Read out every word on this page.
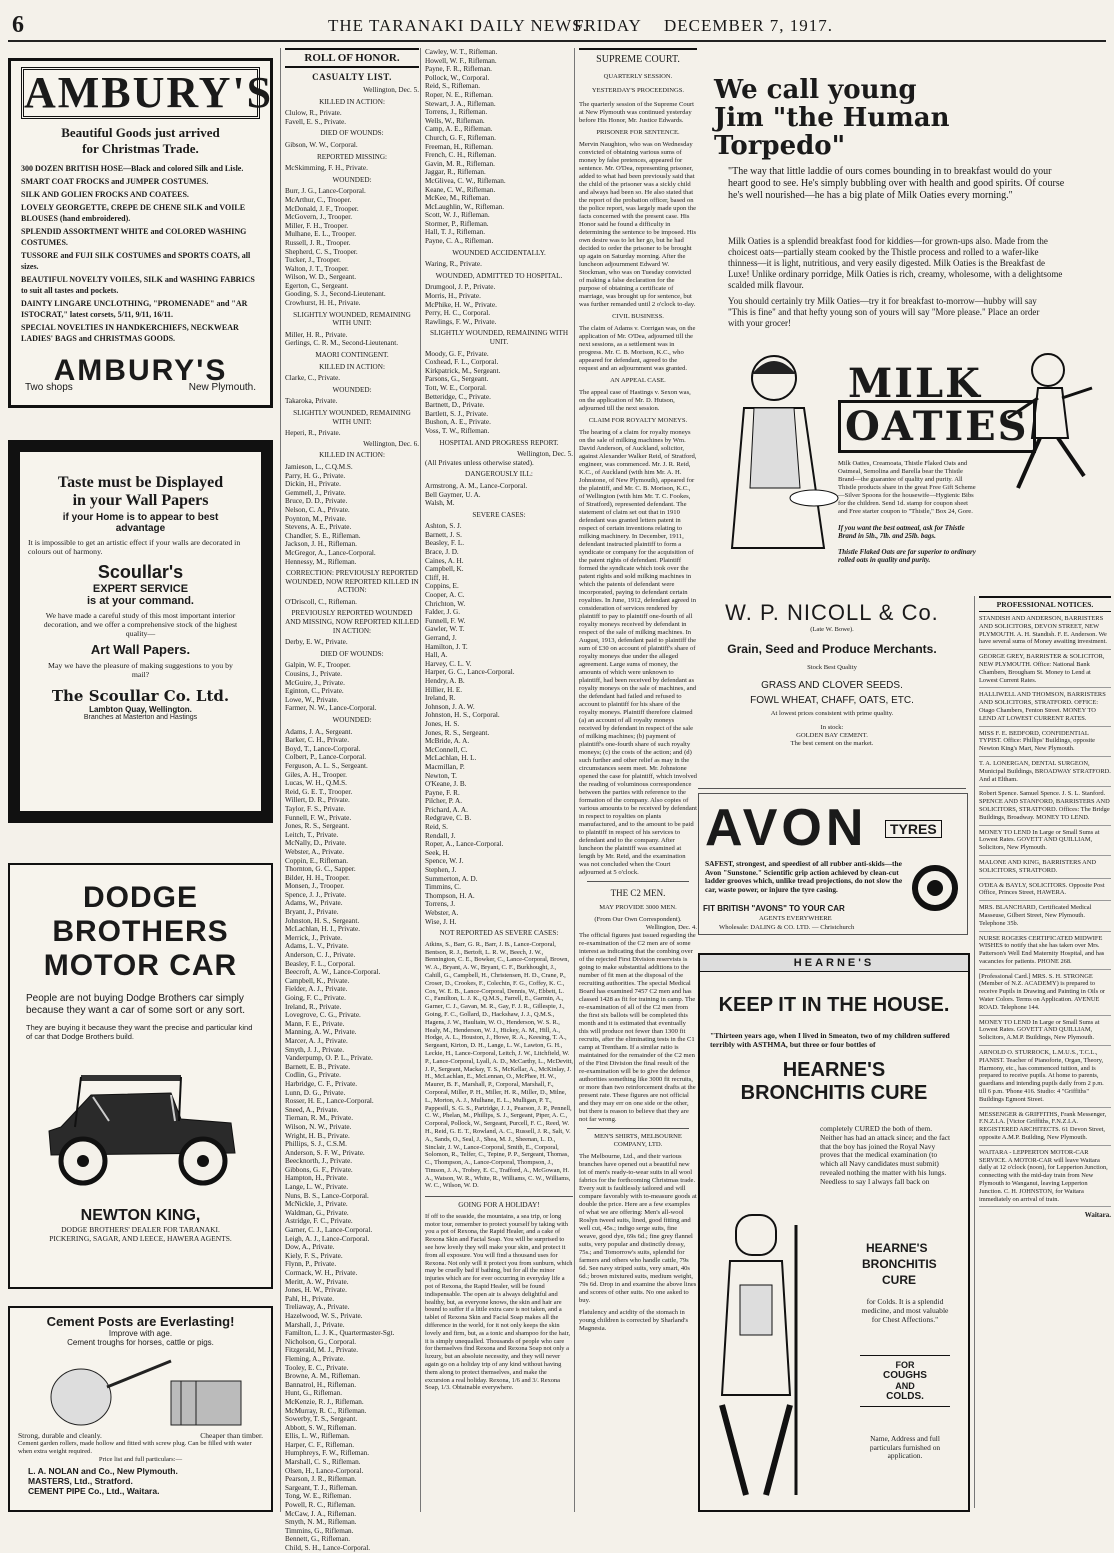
6	THE TARANAKI DAILY NEWS.
FRIDAY DECEMBER 7, 1917.
AMBURY'S
Beautiful Goods just arrived
for Christmas Trade.
300 DOZEN BRITISH HOSE—Black and colored Silk and Lisle.
SMART COAT FROCKS and JUMPER COSTUMES.
SILK AND GOLIEN FROCKS AND COATEES.
LOVELY GEORGETTE, CREPE DE CHENE SILK and VOILE BLOUSES (hand embroidered).
SPLENDID ASSORTMENT WHITE and COLORED WASHING COSTUMES.
TUSSORE and FUJI SILK COSTUMES and SPORTS COATS, all sizes.
BEAUTIFUL NOVELTY VOILES, SILK and WASHING FABRICS to suit all tastes and pockets.
DAINTY LINGARE UNCLOTHING, "PROMENADE" and "AR ISTOCRAT," latest corsets, 5/11, 9/11, 16/11.
SPECIAL NOVELTIES IN HANDKERCHIEFS, NECKWEAR LADIES' BAGS and CHRISTMAS GOODS.
AMBURY'S
Two shops	New Plymouth.
Taste must be Displayed
in your Wall Papers
if your Home is to appear to best advantage
It is impossible to get an artistic effect if your walls are decorated in colours out of harmony.
Scoullar's
EXPERT SERVICE
is at your command.
We have made a careful study of this most important interior decoration, and we offer a comprehensive stock of the highest quality—
Art Wall Papers.
May we have the pleasure of making suggestions to you by mail?
The Scoullar Co. Ltd.
Lambton Quay, Wellington.
Branches at Masterton and Hastings
DODGE BROTHERS
MOTOR CAR
People are not buying Dodge Brothers car simply because they want a car of some sort or any sort.
They are buying it because they want the precise and particular kind of car that Dodge Brothers build.
NEWTON KING,
DODGE BROTHERS' DEALER FOR TARANAKI.
PICKERING, SAGAR, AND LEECE, HAWERA AGENTS.
Cement Posts are Everlasting!
Improve with age.
Cement troughs for horses, cattle or pigs.
Strong, durable and cleanly.	Cheaper than timber.
Cement garden rollers, made hollow and fitted with screw plug. Can be filled with water when extra weight required.
Price list and full particulars:—
L. A. NOLAN and Co., New Plymouth.
MASTERS, Ltd., Stratford.
CEMENT PIPE Co., Ltd., Waitara.
ROLL OF HONOR.
CASUALTY LIST.
Wellington, Dec. 5.
KILLED IN ACTION:
Clulow, R., Private.
Favell, E. S., Private.
DIED OF WOUNDS:
Gibson, W. W., Corporal.
REPORTED MISSING:
McSkimming, F. H., Private.
WOUNDED:
Burr, J. G., Lance-Corporal.
McArthur, C., Trooper.
McDonald, J. F., Trooper.
McGovern, J., Trooper.
Miller, F. H., Trooper.
Mulhane, E. L., Trooper.
Russell, J. R., Trooper.
Shepherd, C. S., Trooper.
Tucker, J., Trooper.
Walton, J. T., Trooper.
Wilson, W. D., Sergeant.
Egerton, C., Sergeant.
Gooding, S. J., Second-Lieutenant.
Crowhurst, H. H., Private.
SLIGHTLY WOUNDED, REMAINING WITH UNIT:
Miller, H. R., Private.
Gerlings, C. R. M., Second-Lieutenant.
MAORI CONTINGENT.
KILLED IN ACTION:
Clarke, C., Private.
WOUNDED:
Takaroka, Private.
SLIGHTLY WOUNDED, REMAINING WITH UNIT:
Heperi, R., Private.
Wellington, Dec. 6.
KILLED IN ACTION:
Jamieson, L., C.Q.M.S.
Parry, H. G., Private.
Dickin, H., Private.
Gemmell, J., Private.
Bruce, D. D., Private.
Nelson, C. A., Private.
Poynton, M., Private.
Stevens, A. E., Private.
Chandler, S. E., Rifleman.
Jackson, J. H., Rifleman.
McGregor, A., Lance-Corporal.
Hennessy, M., Rifleman.
CORRECTION: PREVIOUSLY REPORTED WOUNDED, NOW REPORTED KILLED IN ACTION:
O'Driscoll, C., Rifleman.
PREVIOUSLY REPORTED WOUNDED AND MISSING, NOW REPORTED KILLED IN ACTION:
Derby, E. W., Private.
DIED OF WOUNDS:
Galpin, W. F., Trooper.
Cousins, J., Private.
McGuire, J., Private.
Eginton, C., Private.
Lowe, W., Private.
Farmer, N. W., Lance-Corporal.
WOUNDED:
Adams, J. A., Sergeant.
Barker, C. H., Private.
Boyd, T., Lance-Corporal.
Colbert, P., Lance-Corporal.
Ferguson, A. L. S., Sergeant.
Giles, A. H., Trooper.
Lucas, W. H., Q.M.S.
Reid, G. E. T., Trooper.
Willert, D. R., Private.
Taylor, F. S., Private.
Funnell, F. W., Private.
Jones, R. S., Sergeant.
Leitch, T., Private.
McNally, D., Private.
Webster, A., Private.
Coppin, E., Rifleman.
Thornton, G. C., Sapper.
Bilder, H. H., Trooper.
Monsen, J., Trooper.
Spence, J. J., Private.
Adams, W., Private.
Bryant, J., Private.
Johnston, H. S., Sergeant.
McLachlan, H. I., Private.
Merrick, J., Private.
Adams, L. V., Private.
Anderson, C. J., Private.
Beasley, F. L., Corporal.
Beecroft, A. W., Lance-Corporal.
Campbell, K., Private.
Fielder, A. J., Private.
Going, F. C., Private.
Ireland, R., Private.
Lovegrove, C. G., Private.
Mann, F. E., Private.
Manning, A. W., Private.
Marcer, A. J., Private.
Smyth, J. J., Private.
Vanderpump, O. P. L., Private.
Barnett, E. B., Private.
Codlin, G., Private.
Harbridge, C. F., Private.
Lunn, D. G., Private.
Rosser, H. E., Lance-Corporal.
Sneed, A., Private.
Tiernan, R. M., Private.
Wilson, N. W., Private.
Wright, H. B., Private.
Phillips, S. J., C.S.M.
Anderson, S. F. W., Private.
Beecknorth, J., Private.
Gibbons, G. F., Private.
Hampton, H., Private.
Lange, L. W., Private.
Nuns, B. S., Lance-Corporal.
McNickle, J., Private.
Waldman, G., Private.
Astridge, F. C., Private.
Garner, C. J., Lance-Corporal.
Leigh, A. J., Lance-Corporal.
Dow, A., Private.
Kiely, F. S., Private.
Flynn, P., Private.
Cormack, W. H., Private.
Meritt, A. W., Private.
Jones, H. W., Private.
Pahl, H., Private.
Treliaway, A., Private.
Hazelwood, W. S., Private.
Marshall, J., Private.
Familton, L. J. K., Quartermaster-Sgt.
Nicholson, G., Corporal.
Fitzgerald, M. J., Private.
Fleming, A., Private.
Tooley, E. C., Private.
Browne, A. M., Rifleman.
Bannatrol, H., Rifleman.
Hunt, G., Rifleman.
McKenzie, R. J., Rifleman.
McMurray, R. C., Rifleman.
Sowerby, T. S., Sergeant.
Abbott, S. W., Rifleman.
Ellis, L. W., Rifleman.
Harper, C. F., Rifleman.
Humphreys, F. W., Rifleman.
Marshall, C. S., Rifleman.
Olsen, H., Lance-Corporal.
Pearson, J. R., Rifleman.
Sargeant, T. J., Rifleman.
Tong, W. E., Rifleman.
Powell, R. C., Rifleman.
McCaw, J. A., Rifleman.
Smyth, N. M., Rifleman.
Timmins, G., Rifleman.
Bennett, G., Rifleman.
Child, S. H., Lance-Corporal.
Cawley, W. T., Rifleman.
Howell, W. F., Rifleman.
Payne, F. R., Rifleman.
Pollock, W., Corporal.
Reid, S., Rifleman.
Roper, N. E., Rifleman.
Stewart, J. A., Rifleman.
Torrens, J., Rifleman.
Wells, W., Rifleman.
Camp, A. E., Rifleman.
Church, G. F., Rifleman.
Freeman, H., Rifleman.
French, C. H., Rifleman.
Gavin, M. R., Rifleman.
Jaggar, R., Rifleman.
McGlivea, C. W., Rifleman.
Keane, C. W., Rifleman.
McKee, M., Rifleman.
McLaughlin, W., Rifleman.
Scott, W. J., Rifleman.
Stormer, P., Rifleman.
Hall, T. J., Rifleman.
Payne, C. A., Rifleman.
WOUNDED ACCIDENTALLY.
Waring, R., Private.
WOUNDED, ADMITTED TO HOSPITAL.
Drumgool, J. P., Private.
Morris, H., Private.
McPhike, H. W., Private.
Perry, H. C., Corporal.
Rawlings, F. W., Private.
SLIGHTLY WOUNDED, REMAINING WITH UNIT.
Moody, G. F., Private.
Coxhead, F. L., Corporal.
Kirkpatrick, M., Sergeant.
Parsons, G., Sergeant.
Tott, W. E., Corporal.
Betteridge, C., Private.
Bartnett, D., Private.
Bartlett, S. J., Private.
Bushon, A. E., Private.
Voss, T. W., Rifleman.
HOSPITAL AND PROGRESS REPORT.
Wellington, Dec. 5.
(All Privates unless otherwise stated).
DANGEROUSLY ILL:
Armstrong, A. M., Lance-Corporal.
Bell Gaymer, U. A.
Walsh, M.
SEVERE CASES:
Ashton, S. J.
Barnett, J. S.
Beasley, F. L.
Brace, J. D.
Caines, A. H.
Campbell, K.
Cliff, H.
Coppins, E.
Cooper, A. C.
Chrichton, W.
Falder, J. G.
Funnell, F. W.
Gawler, W. T.
Gerrand, J.
Hamilton, J. T.
Hall, A.
Harvey, C. L. V.
Harper, G. C., Lance-Corporal.
Hendry, A. B.
Hillier, H. E.
Ireland, R.
Johnson, J. A. W.
Johnston, H. S., Corporal.
Jones, H. S.
Jones, R. S., Sergeant.
McBride, A. A.
McConnell, C.
McLachlan, H. L.
Macmillan, P.
Newton, T.
O'Keane, J. B.
Payne, F. R.
Pilcher, P. A.
Prichard, A. A.
Redgrave, C. B.
Reid, S.
Rendall, J.
Roper, A., Lance-Corporal.
Seek, H.
Spence, W. J.
Stephen, J.
Summerton, A. D.
Timmins, C.
Thompson, H. A.
Torrens, J.
Webster, A.
Wise, J. H.
NOT REPORTED AS SEVERE CASES:
Atkins, S., Barr, G. R., Barr, J. B., Lance-Corporal, Bentson, R. J., Bertoft, L. R. W., Beech, J. W., Bennington, C. E., Bowker, C., Lance-Corporal, Brown, W. A., Bryant, A. W., Bryant, C. F., Burkhought, J., Cahill, G., Campbell, H., Christensen, H. D., Crane, P., Croser, D., Crookes, F., Colechin, F. G., Coffey, K. C., Cox, W. E. B., Lance-Corporal, Dennis, W., Ebbett, L. C., Familton, L. J. K., Q.M.S., Farrell, E., Garmin, A., Garner, C. J., Gavan, M. R., Gay, F. J. R., Gillespie, J., Going, F. C., Gollard, D., Hackshaw, J. J., Q.M.S., Hagens, J. W., Haultain, W. O., Henderson, W. S. R., Healy, M., Henderson, W. J., Hickey, A. M., Hill, A., Hodge, A. L., Houston, J., Howe, R. A., Keesing, T. A., Sergeant, Kirton, D. H., Lange, L. W., Lawton, G. H., Leckie, H., Lance-Corporal, Leitch, J. W., Litchfield, W. P., Lance-Corporal, Lyall, A. D., McCarthy, L., McDevitt, J. P., Sergeant, Mackay, T. S., McKellar, A., McKinlay, J. H., McLachlan, E., McLennan, O., McPhee, H. W., Maurer, B. F., Marshall, P., Corporal, Marshall, F., Corporal, Miller, P. H., Miller, H. R., Miller, D., Milne, L., Morton, A. J., Mulhane, E. L., Mulligan, P. T., Pappesill, S. G. S., Partridge, J. J., Pearson, J. P., Pennell, C. W., Phelan, M., Phillips, S. J., Sergeant, Piper, A. C., Corporal, Pollock, W., Sergeant, Purcell, F. C., Reed, W. H., Reid, G. E. T., Rowland, A. C., Russell, J. R., Salt, V. A., Sands, O., Seal, J., Shea, M. J., Sheenan, L. D., Sinclair, J. W., Lance-Corporal, Smith, E., Corporal, Solomon, R., Telfer, C., Tepine, P. P., Sergeant, Thomas, C., Thompson, A., Lance-Corporal, Thompson, J., Timson, J. A., Trobey, E. C., Trafford, A., McGowan, H. A., Watson, W. R., White, R., Williams, C. W., Williams, W. C., Wilson, W. D.
GOING FOR A HOLIDAY!
If off to the seaside, the mountains, a sea trip, or long motor tour, remember to protect yourself by taking with you a pot of Rexona, the Rapid Healer, and a cake of Rexona Skin and Facial Soap. You will be surprised to see how lovely they will make your skin, and protect it from all exposure. You will find a thousand uses for Rexona. Not only will it protect you from sunburn, which may be cruelly bad if bathing, but for all the minor injuries which are for ever occurring in everyday life a pot of Rexona, the Rapid Healer, will be found indispensable. The open air is always delightful and healthy, but, as everyone knows, the skin and hair are bound to suffer if a little extra care is not taken, and a tablet of Rexona Skin and Facial Soap makes all the difference in the world, for it not only keeps the skin lovely and firm, but, as a tonic and shampoo for the hair, it is simply unequalled. Thousands of people who care for themselves find Rexona and Rexona Soap not only a luxury, but an absolute necessity, and they will never again go on a holiday trip of any kind without having them along to protect themselves, and make the excursion a real holiday. Rexona, 1/6 and 3/. Rexona Soap, 1/3. Obtainable everywhere.
SUPREME COURT.
QUARTERLY SESSION.
YESTERDAY'S PROCEEDINGS.
The quarterly session of the Supreme Court at New Plymouth was continued yesterday before His Honor, Mr. Justice Edwards.
PRISONER FOR SENTENCE.
Mervin Naughton, who was on Wednesday convicted of obtaining various sums of money by false pretences, appeared for sentence. Mr. O'Dea, representing prisoner, added to what had been previously said that the child of the prisoner was a sickly child and always had been so. He also stated that the report of the probation officer, based on the police report, was largely made upon the facts concerned with the present case. His Honor said he found a difficulty in determining the sentence to be imposed. His own desire was to let her go, but he had decided to order the prisoner to be brought up again on Saturday morning. After the luncheon adjournment Edward W. Stockman, who was on Tuesday convicted of making a false declaration for the purpose of obtaining a certificate of marriage, was brought up for sentence, but was further remanded until 2 o'clock to-day.
CIVIL BUSINESS.
The claim of Adams v. Corrigan was, on the application of Mr. O'Dea, adjourned till the next sessions, as a settlement was in progress. Mr. C. B. Morison, K.C., who appeared for defendant, agreed to the request and an adjournment was granted.
AN APPEAL CASE.
The appeal case of Hastings v. Sexon was, on the application of Mr. D. Hutson, adjourned till the next session.
CLAIM FOR ROYALTY MONEYS.
The hearing of a claim for royalty moneys on the sale of milking machines by Wm. David Anderson, of Auckland, solicitor, against Alexander Walker Reid, of Stratford, engineer, was commenced. Mr. J. R. Reid, K.C., of Auckland (with him Mr. A. H. Johnstone, of New Plymouth), appeared for the plaintiff, and Mr. C. B. Morison, K.C., of Wellington (with him Mr. T. C. Fookes, of Stratford), represented defendant. The statement of claim set out that in 1910 defendant was granted letters patent in respect of certain inventions relating to milking machinery. In December, 1911, defendant instructed plaintiff to form a syndicate or company for the acquisition of the patent rights of defendant. Plaintiff formed the syndicate which took over the patent rights and sold milking machines in which the patents of defendant were incorporated, paying to defendant certain royalties. In June, 1912, defendant agreed in consideration of services rendered by plaintiff to pay to plaintiff one-fourth of all royalty moneys received by defendant in respect of the sale of milking machines. In August, 1913, defendant paid to plaintiff the sum of £30 on account of plaintiff's share of royalty moneys due under the alleged agreement. Large sums of money, the amounts of which were unknown to plaintiff, had been received by defendant as royalty moneys on the sale of machines, and the defendant had failed and refused to account to plaintiff for his share of the royalty moneys. Plaintiff therefore claimed (a) an account of all royalty moneys received by defendant in respect of the sale of milking machines; (b) payment of plaintiff's one-fourth share of such royalty moneys; (c) the costs of the action; and (d) such further and other relief as may in the circumstances seem meet. Mr. Johnstone opened the case for plaintiff, which involved the reading of voluminous correspondence between the parties with reference to the formation of the company. Also copies of various amounts to be received by defendant in respect to royalties on plants manufactured, and to the amount to be paid to plaintiff in respect of his services to defendant and to the company. After luncheon the plaintiff was examined at length by Mr. Reid, and the examination was not concluded when the Court adjourned at 5 o'clock.
THE C2 MEN.
MAY PROVIDE 3000 MEN.
(From Our Own Correspondent).
Wellington, Dec. 4.
The official figures just issued regarding the re-examination of the C2 men are of some interest as indicating that the combing over of the rejected First Division reservists is going to make substantial additions to the number of fit men at the disposal of the recruiting authorities. The special Medical Board has examined 7457 C2 men and has classed 1428 as fit for training in camp. The re-examination of all of the C2 men from the first six ballots will be completed this month and it is estimated that eventually this will produce not fewer than 1300 fit recruits, after the eliminating tests in the C1 camp at Trentham. If a similar ratio is maintained for the remainder of the C2 men of the First Division the final result of the re-examination will be to give the defence authorities something like 3000 fit recruits, or more than two reinforcement drafts at the present rate. These figures are not official and they may err on one side or the other, but there is reason to believe that they are not far wrong.
MEN'S SHIRTS, MELBOURNE COMPANY, LTD.
The Melbourne, Ltd., and their various branches have opened out a beautiful new lot of men's ready-to-wear suits in all wool fabrics for the forthcoming Christmas trade. Every suit is faultlessly tailored and will compare favorably with to-measure goods at double the price. Here are a few examples of what we are offering: Men's all-wool Roslyn tweed suits, lined, good fitting and well cut, 45s.; indigo serge suits, fine weave, good dye, 69s 6d.; fine grey flannel suits, very popular and distinctly dressy, 75s.; and Tomorrow's suits, splendid for farmers and others who handle cattle, 79s 6d. See navy striped suits, very smart, 40s 6d.; brown mixtured suits, medium weight, 79s 6d. Drop in and examine the above lines and scores of other suits. No one asked to buy.
Flatulency and acidity of the stomach in young children is corrected by Sharland's Magnesia.
We call young
Jim "the Human
Torpedo"
"The way that little laddie of ours comes bounding in to breakfast would do your heart good to see. He's simply bubbling over with health and good spirits. Of course he's well nourished—he has a big plate of Milk Oaties every morning."
Milk Oaties is a splendid breakfast food for kiddies—for grown-ups also. Made from the choicest oats—partially steam cooked by the Thistle process and rolled to a wafer-like thinness—it is light, nutritious, and very easily digested. Milk Oaties is the Breakfast de Luxe! Unlike ordinary porridge, Milk Oaties is rich, creamy, wholesome, with a delightsome scalded milk flavour.
You should certainly try Milk Oaties—try it for breakfast to-morrow—hubby will say "This is fine" and that hefty young son of yours will say "More please." Place an order with your grocer!
MILK
OATIES
Milk Oaties, Creamoata, Thistle Flaked Oats and Oatmeal, Semolina and Barella bear the Thistle Brand—the guarantee of quality and purity. All Thistle products share in the great Free Gift Scheme—Silver Spoons for the housewife—Hygienic Bibs for the children. Send 1d. stamp for coupon sheet and Free starter coupon to "Thistle," Box 24, Gore.
If you want the best oatmeal, ask for Thistle Brand in 5lb., 7lb. and 25lb. bags.
Thistle Flaked Oats are far superior to ordinary rolled oats in quality and purity.
W. P. NICOLL & Co.
(Late W. Bowe).
Grain, Seed and Produce Merchants.
Stock Best Quality
GRASS AND CLOVER SEEDS.
FOWL WHEAT, CHAFF, OATS, ETC.
At lowest prices consistent with prime quality.
In stock:
GOLDEN BAY CEMENT.
The best cement on the market.
AVON	TYRES
SAFEST, strongest, and speediest of all rubber anti-skids—the Avon "Sunstone." Scientific grip action achieved by clean-cut ladder grooves which, unlike tread projections, do not slow the car, waste power, or injure the tyre casing.
FIT BRITISH "AVONS" TO YOUR CAR
AGENTS EVERYWHERE
Wholesale: DALING & CO. LTD. — Christchurch
HEARNE'S
KEEP IT IN THE HOUSE.
"Thirteen years ago, when I lived in Smeaton, two of my children suffered terribly with ASTHMA, but three or four bottles of
HEARNE'S
BRONCHITIS CURE
completely CURED the both of them. Neither has had an attack since; and the fact that the boy has joined the Royal Navy proves that the medical examination (to which all Navy candidates must submit) revealed nothing the matter with his lungs. Needless to say I always fall back on
HEARNE'S
BRONCHITIS
CURE
for Colds. It is a splendid medicine, and most valuable for Chest Affections."
FOR
COUGHS
AND
COLDS.
Name, Address and full particulars furnished on application.
PROFESSIONAL NOTICES.
STANDISH AND ANDERSON, BARRISTERS AND SOLICITORS, DEVON STREET, NEW PLYMOUTH. A. H. Standish. F. E. Anderson. We have several sums of Money awaiting investment.
GEORGE GREY, BARRISTER & SOLICITOR, NEW PLYMOUTH. Office: National Bank Chambers, Brougham St. Money to Lend at Lowest Current Rates.
HALLIWELL AND THOMSON, BARRISTERS AND SOLICITORS, STRATFORD. OFFICE: Otago Chambers, Fenton Street. MONEY TO LEND AT LOWEST CURRENT RATES.
MISS F. E. BEDFORD, CONFIDENTIAL TYPIST. Office: Phillips' Buildings, opposite Newton King's Mart, New Plymouth.
T. A. LONERGAN, DENTAL SURGEON, Municipal Buildings, BROADWAY STRATFORD. And at Eltham.
Robert Spence. Samuel Spence. J. S. L. Stanford. SPENCE AND STANFORD, BARRISTERS AND SOLICITORS, STRATFORD. Offices: The Bridge Buildings, Broadway. MONEY TO LEND.
MONEY TO LEND In Large or Small Sums at Lowest Rates. GOVETT AND QUILLIAM, Solicitors, New Plymouth.
MALONE AND KING, BARRISTERS AND SOLICITORS, STRATFORD.
O'DEA & BAYLY, SOLICITORS. Opposite Post Office, Princes Street, HAWERA.
MRS. BLANCHARD, Certificated Medical Masseuse, Gilbert Street, New Plymouth. Telephone 35b.
NURSE ROGERS CERTIFICATED MIDWIFE WISHES to notify that she has taken over Mrs. Patterson's Well End Maternity Hospital, and has vacancies for patients. PHONE 268.
[Professional Card.] MRS. S. H. STRONGE (Member of N.Z. ACADEMY) is prepared to receive Pupils in Drawing and Painting in Oils or Water Colors. Terms on Application. AVENUE ROAD. Telephone 144.
MONEY TO LEND In Large or Small Sums at Lowest Rates. GOVETT AND QUILLIAM, Solicitors, A.M.P. Buildings, New Plymouth.
ARNOLD O. STURROCK, L.M.U.S., T.C.L., PIANIST. Teacher of Pianoforte, Organ, Theory, Harmony, etc., has commenced tuition, and is prepared to receive pupils. At home to parents, guardians and intending pupils daily from 2 p.m. till 6 p.m. 'Phone 416. Studio: 4 "Griffiths" Buildings Egmont Street.
MESSENGER & GRIFFITHS, Frank Messenger, F.N.Z.I.A. [Victor Griffiths, F.N.Z.I.A. REGISTERED ARCHITECTS. 61 Devon Street, opposite A.M.P. Building, New Plymouth.
WAITARA - LEPPERTON MOTOR-CAR SERVICE. A MOTOR-CAR will leave Waitara daily at 12 o'clock (noon), for Lepperton Junction, connecting with the mid-day train from New Plymouth to Wanganui, leaving Lepperton Junction. C. H. JOHNSTON, for Waitara immediately on arrival of train.
Waitara.
